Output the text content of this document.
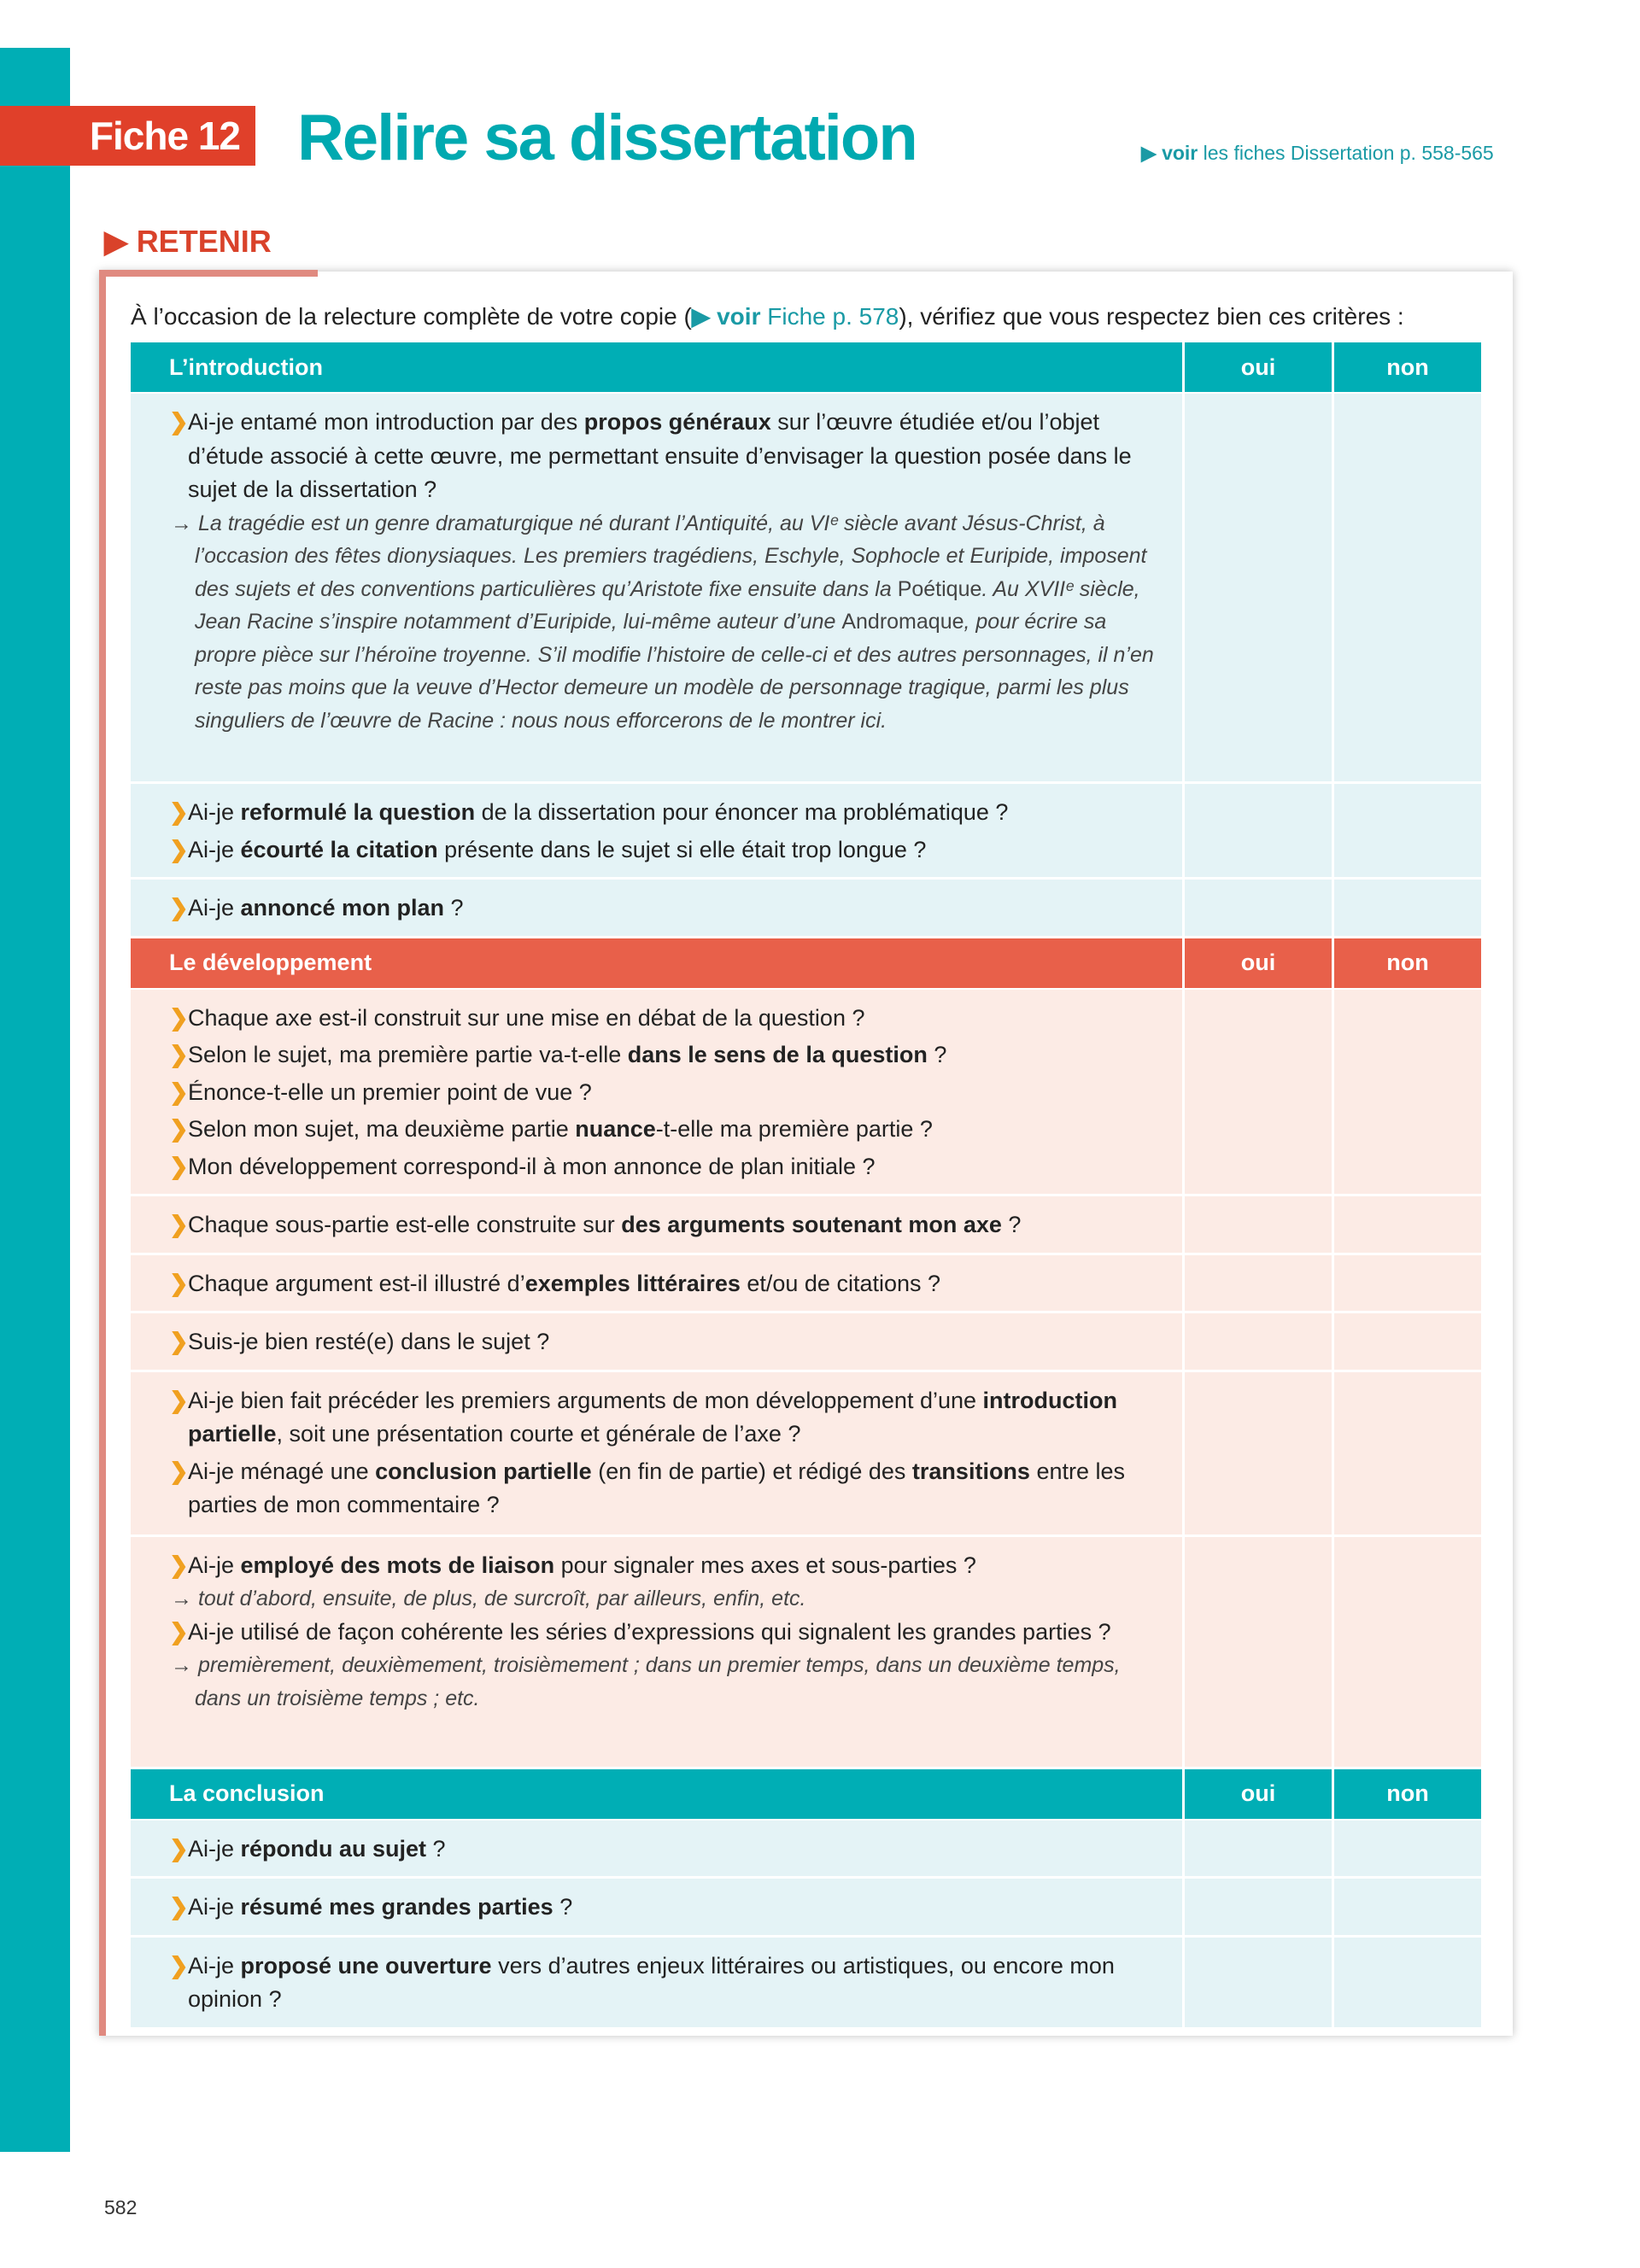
Fiche 12 Relire sa dissertation	▶ voir les fiches Dissertation p. 558-565
▶ RETENIR
À l’occasion de la relecture complète de votre copie (▶ voir Fiche p. 578), vérifiez que vous respectez bien ces critères :
L’introduction	oui	non
❯ Ai-je entamé mon introduction par des propos généraux sur l’œuvre étudiée et/ou l’objet d’étude associé à cette œuvre, me permettant ensuite d’envisager la question posée dans le sujet de la dissertation ?
→ La tragédie est un genre dramaturgique né durant l’Antiquité, au VIᵉ siècle avant Jésus-Christ, à l’occasion des fêtes dionysiaques. Les premiers tragédiens, Eschyle, Sophocle et Euripide, imposent des sujets et des conventions particulières qu’Aristote fixe ensuite dans la Poétique. Au XVIIᵉ siècle, Jean Racine s’inspire notamment d’Euripide, lui-même auteur d’une Andromaque, pour écrire sa propre pièce sur l’héroïne troyenne. S’il modifie l’histoire de celle-ci et des autres personnages, il n’en reste pas moins que la veuve d’Hector demeure un modèle de personnage tragique, parmi les plus singuliers de l’œuvre de Racine : nous nous efforcerons de le montrer ici.
❯ Ai-je reformulé la question de la dissertation pour énoncer ma problématique ?
❯ Ai-je écourté la citation présente dans le sujet si elle était trop longue ?
❯ Ai-je annoncé mon plan ?
Le développement	oui	non
❯ Chaque axe est-il construit sur une mise en débat de la question ?
❯ Selon le sujet, ma première partie va-t-elle dans le sens de la question ?
❯ Énonce-t-elle un premier point de vue ?
❯ Selon mon sujet, ma deuxième partie nuance-t-elle ma première partie ?
❯ Mon développement correspond-il à mon annonce de plan initiale ?
❯ Chaque sous-partie est-elle construite sur des arguments soutenant mon axe ?
❯ Chaque argument est-il illustré d’exemples littéraires et/ou de citations ?
❯ Suis-je bien resté(e) dans le sujet ?
❯ Ai-je bien fait précéder les premiers arguments de mon développement d’une introduction partielle, soit une présentation courte et générale de l’axe ?
❯ Ai-je ménagé une conclusion partielle (en fin de partie) et rédigé des transitions entre les parties de mon commentaire ?
❯ Ai-je employé des mots de liaison pour signaler mes axes et sous-parties ?
→ tout d’abord, ensuite, de plus, de surcroît, par ailleurs, enfin, etc.
❯ Ai-je utilisé de façon cohérente les séries d’expressions qui signalent les grandes parties ?
→ premièrement, deuxièmement, troisièmement ; dans un premier temps, dans un deuxième temps, dans un troisième temps ; etc.
La conclusion	oui	non
❯ Ai-je répondu au sujet ?
❯ Ai-je résumé mes grandes parties ?
❯ Ai-je proposé une ouverture vers d’autres enjeux littéraires ou artistiques, ou encore mon opinion ?
582
